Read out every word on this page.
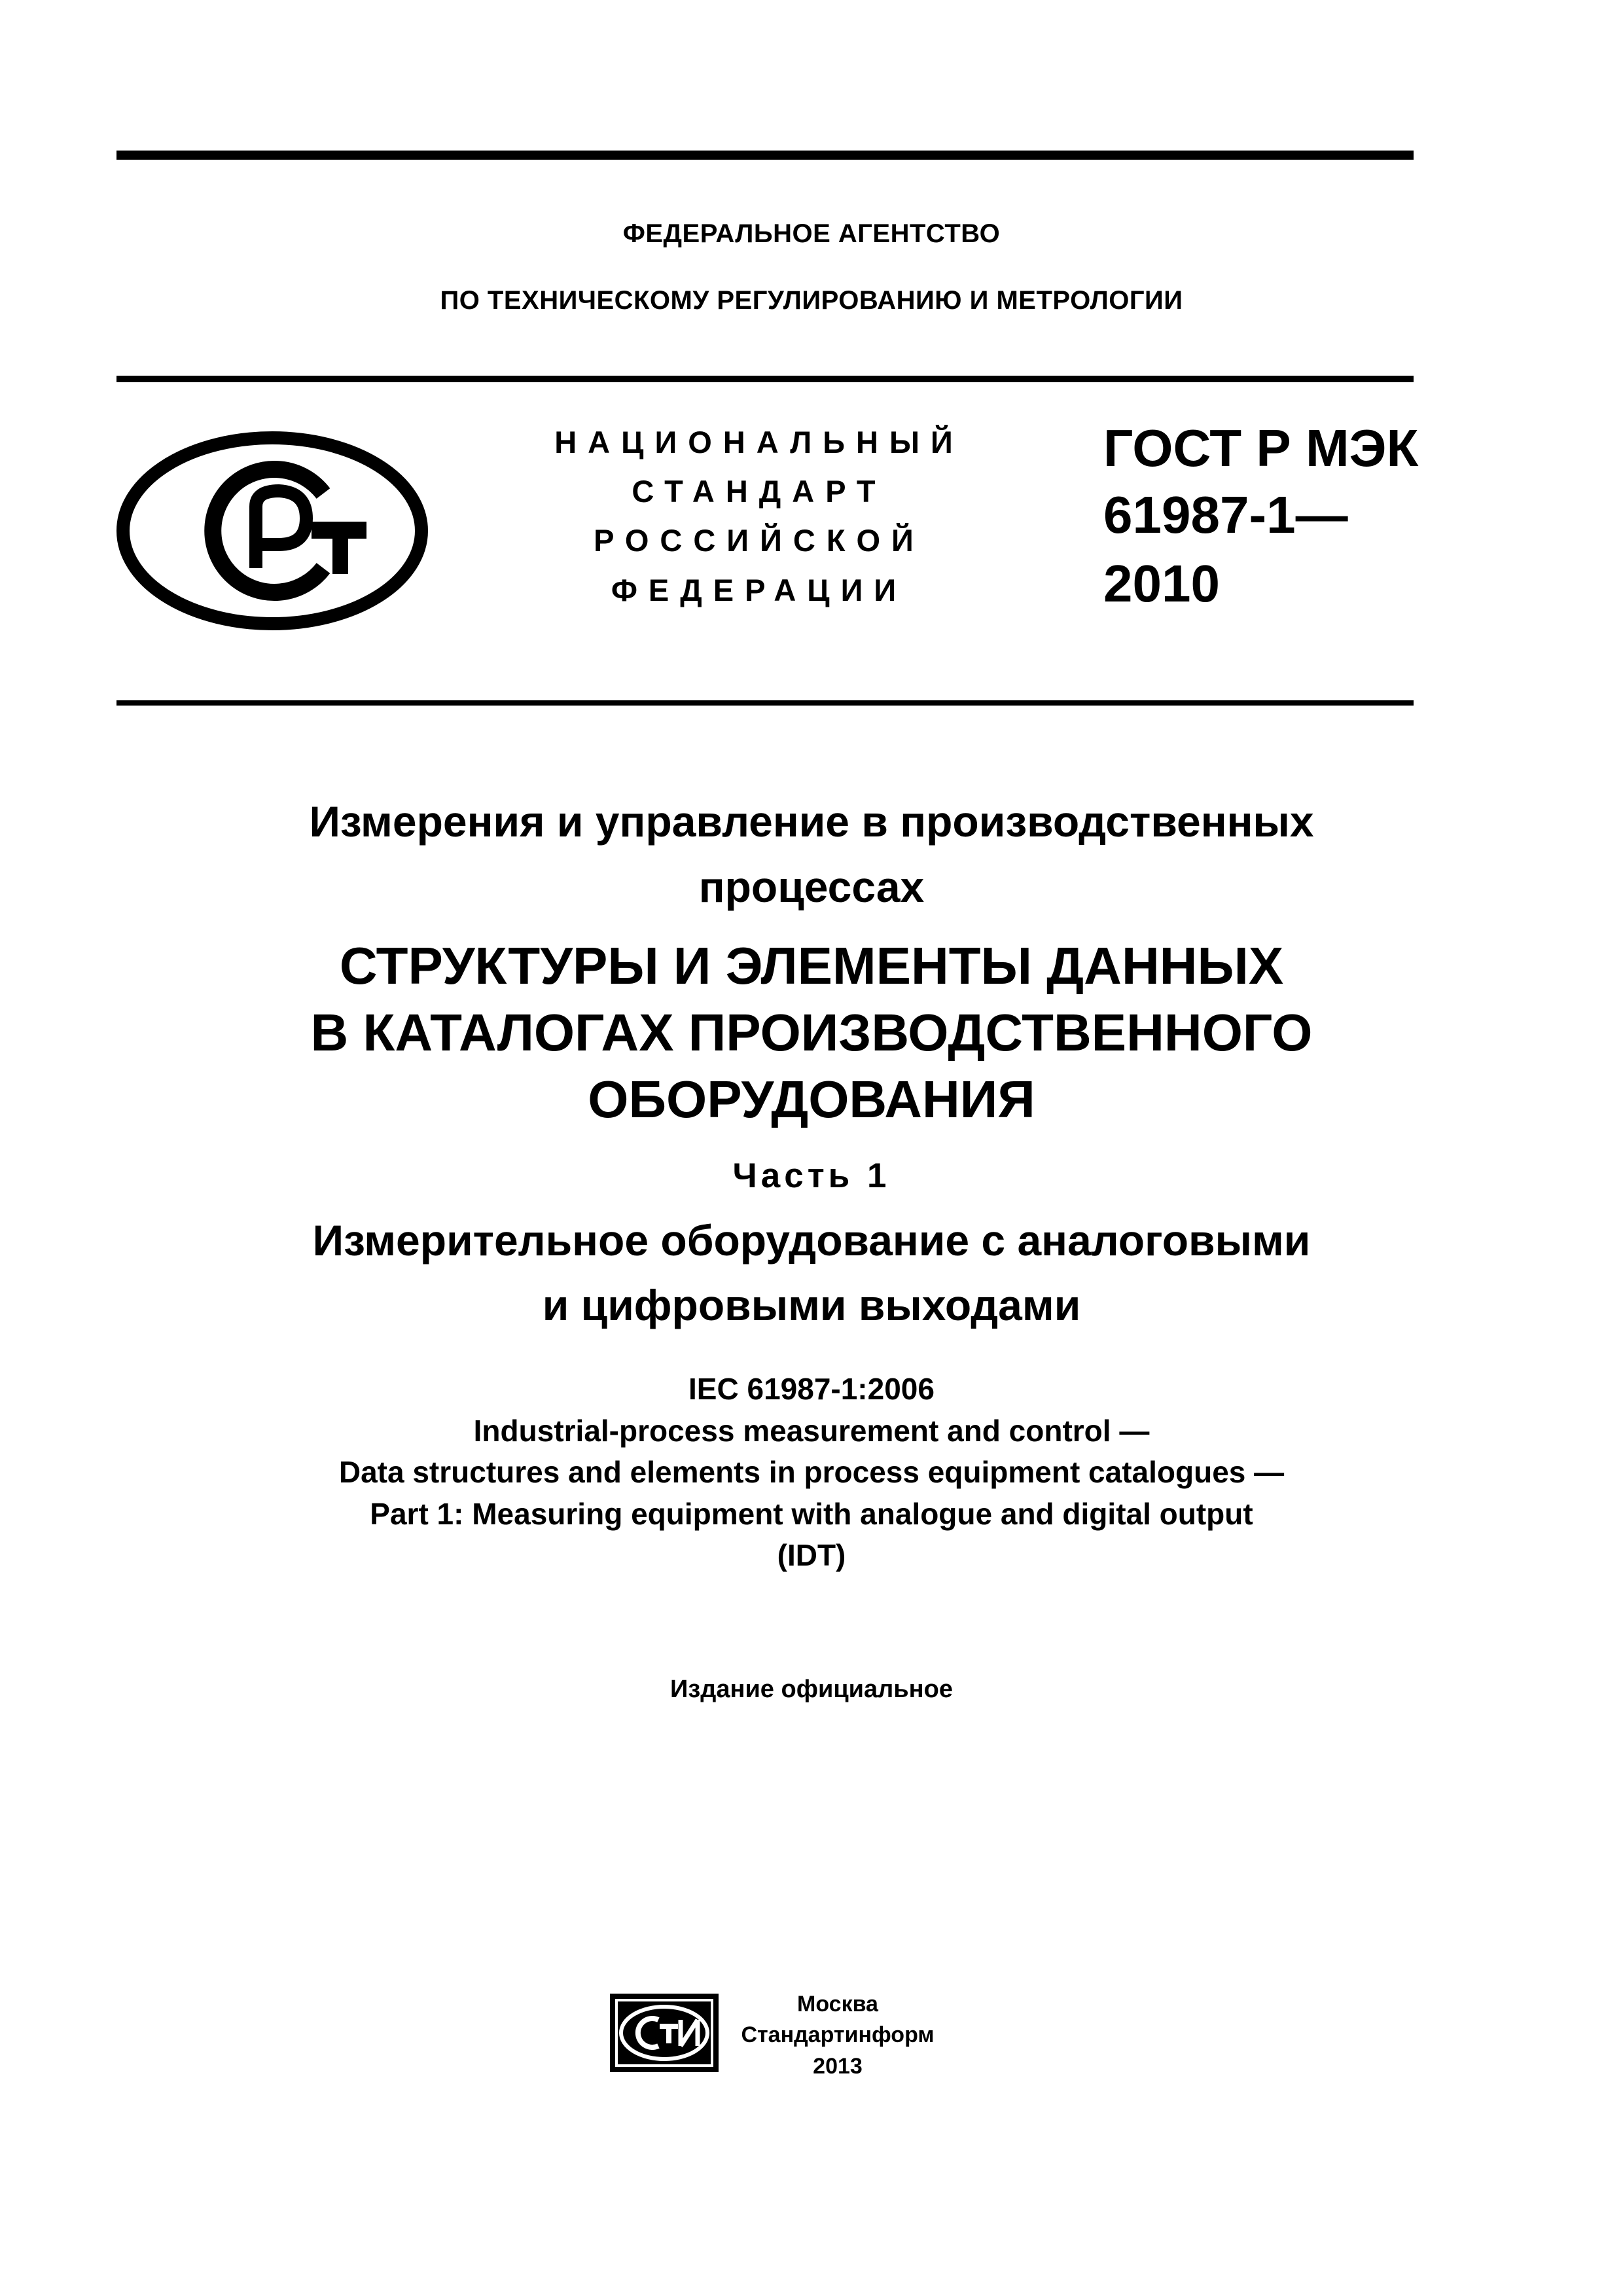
ФЕДЕРАЛЬНОЕ АГЕНТСТВО
ПО ТЕХНИЧЕСКОМУ РЕГУЛИРОВАНИЮ И МЕТРОЛОГИИ
НАЦИОНАЛЬНЫЙ
СТАНДАРТ
РОССИЙСКОЙ
ФЕДЕРАЦИИ
ГОСТ Р МЭК
61987-1—
2010
Измерения и управление в производственных
процессах
СТРУКТУРЫ И ЭЛЕМЕНТЫ ДАННЫХ
В КАТАЛОГАХ ПРОИЗВОДСТВЕННОГО
ОБОРУДОВАНИЯ
Часть 1
Измерительное оборудование с аналоговыми
и цифровыми выходами
IEC 61987-1:2006
Industrial-process measurement and control —
Data structures and elements in process equipment catalogues —
Part 1: Measuring equipment with analogue and digital output
(IDT)
Издание официальное
Москва
Стандартинформ
2013
